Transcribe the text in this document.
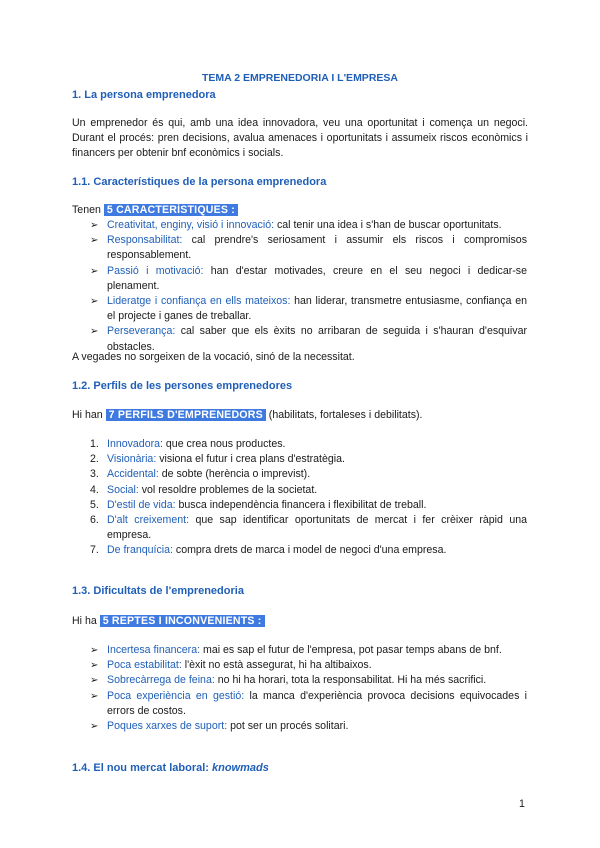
TEMA 2 EMPRENEDORIA I L'EMPRESA
1. La persona emprenedora
Un emprenedor és qui, amb una idea innovadora, veu una oportunitat i comença un negoci. Durant el procés: pren decisions, avalua amenaces i oportunitats i assumeix riscos econòmics i financers per obtenir bnf econòmics i socials.
1.1. Característiques de la persona emprenedora
Tenen 5 CARACTERÍSTIQUES :
➢ Creativitat, enginy, visió i innovació: cal tenir una idea i s'han de buscar oportunitats.
➢ Responsabilitat: cal prendre's seriosament i assumir els riscos i compromisos responsablement.
➢ Passió i motivació: han d'estar motivades, creure en el seu negoci i dedicar-se plenament.
➢ Lideratge i confiança en ells mateixos: han liderar, transmetre entusiasme, confiança en el projecte i ganes de treballar.
➢ Perseverança: cal saber que els èxits no arribaran de seguida i s'hauran d'esquivar obstacles.
A vegades no sorgeixen de la vocació, sinó de la necessitat.
1.2. Perfils de les persones emprenedores
Hi han 7 PERFILS D'EMPRENEDORS (habilitats, fortaleses i debilitats).
1. Innovadora: que crea nous productes.
2. Visionària: visiona el futur i crea plans d'estratègia.
3. Accidental: de sobte (herència o imprevist).
4. Social: vol resoldre problemes de la societat.
5. D'estil de vida: busca independència financera i flexibilitat de treball.
6. D'alt creixement: que sap identificar oportunitats de mercat i fer crèixer ràpid una empresa.
7. De franquícia: compra drets de marca i model de negoci d'una empresa.
1.3. Dificultats de l'emprenedoria
Hi ha 5 REPTES I INCONVENIENTS :
➢ Incertesa financera: mai es sap el futur de l'empresa, pot pasar temps abans de bnf.
➢ Poca estabilitat: l'èxit no està assegurat, hi ha altibaixos.
➢ Sobrecàrrega de feina: no hi ha horari, tota la responsabilitat. Hi ha més sacrifici.
➢ Poca experiència en gestió: la manca d'experiència provoca decisions equivocades i errors de costos.
➢ Poques xarxes de suport: pot ser un procés solitari.
1.4. El nou mercat laboral: knowmads
1
